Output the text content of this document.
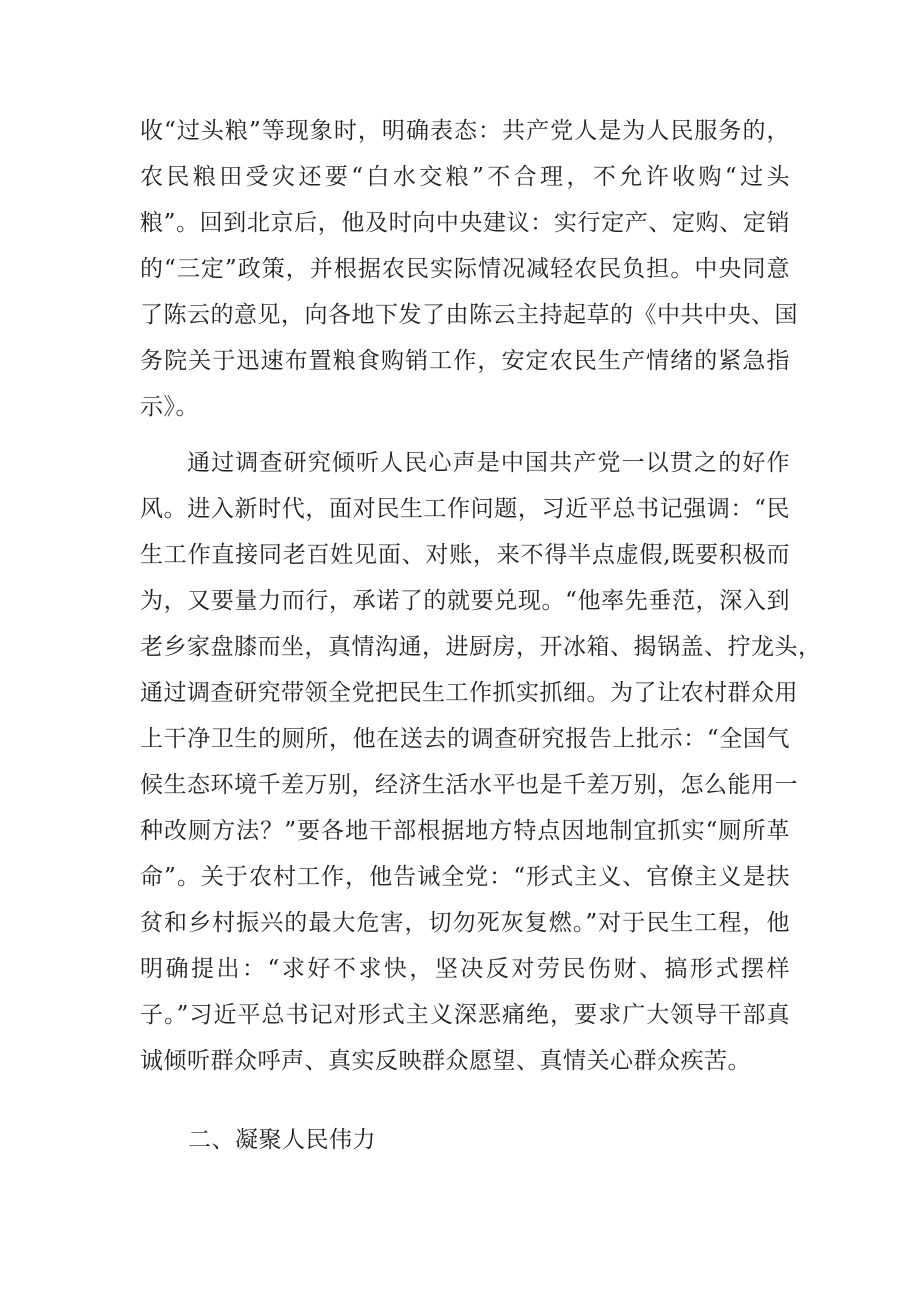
收“过头粮”等现象时，明确表态：共产党人是为人民服务的，
农民粮田受灾还要“白水交粮”不合理，不允许收购“过头
粮”。回到北京后，他及时向中央建议：实行定产、定购、定销
的“三定”政策，并根据农民实际情况减轻农民负担。中央同意
了陈云的意见，向各地下发了由陈云主持起草的《中共中央、国
务院关于迅速布置粮食购销工作，安定农民生产情绪的紧急指
示》。
通过调查研究倾听人民心声是中国共产党一以贯之的好作
风。进入新时代，面对民生工作问题，习近平总书记强调：“民
生工作直接同老百姓见面、对账，来不得半点虚假,既要积极而
为，又要量力而行，承诺了的就要兑现。“他率先垂范，深入到
老乡家盘膝而坐，真情沟通，进厨房，开冰箱、揭锅盖、拧龙头，
通过调查研究带领全党把民生工作抓实抓细。为了让农村群众用
上干净卫生的厕所，他在送去的调查研究报告上批示：“全国气
候生态环境千差万别，经济生活水平也是千差万别，怎么能用一
种改厕方法？”要各地干部根据地方特点因地制宜抓实“厕所革
命”。关于农村工作，他告诫全党：“形式主义、官僚主义是扶
贫和乡村振兴的最大危害，切勿死灰复燃。”对于民生工程，他
明确提出：“求好不求快，坚决反对劳民伤财、搞形式摆样
子。”习近平总书记对形式主义深恶痛绝，要求广大领导干部真
诚倾听群众呼声、真实反映群众愿望、真情关心群众疾苦。
二、凝聚人民伟力
